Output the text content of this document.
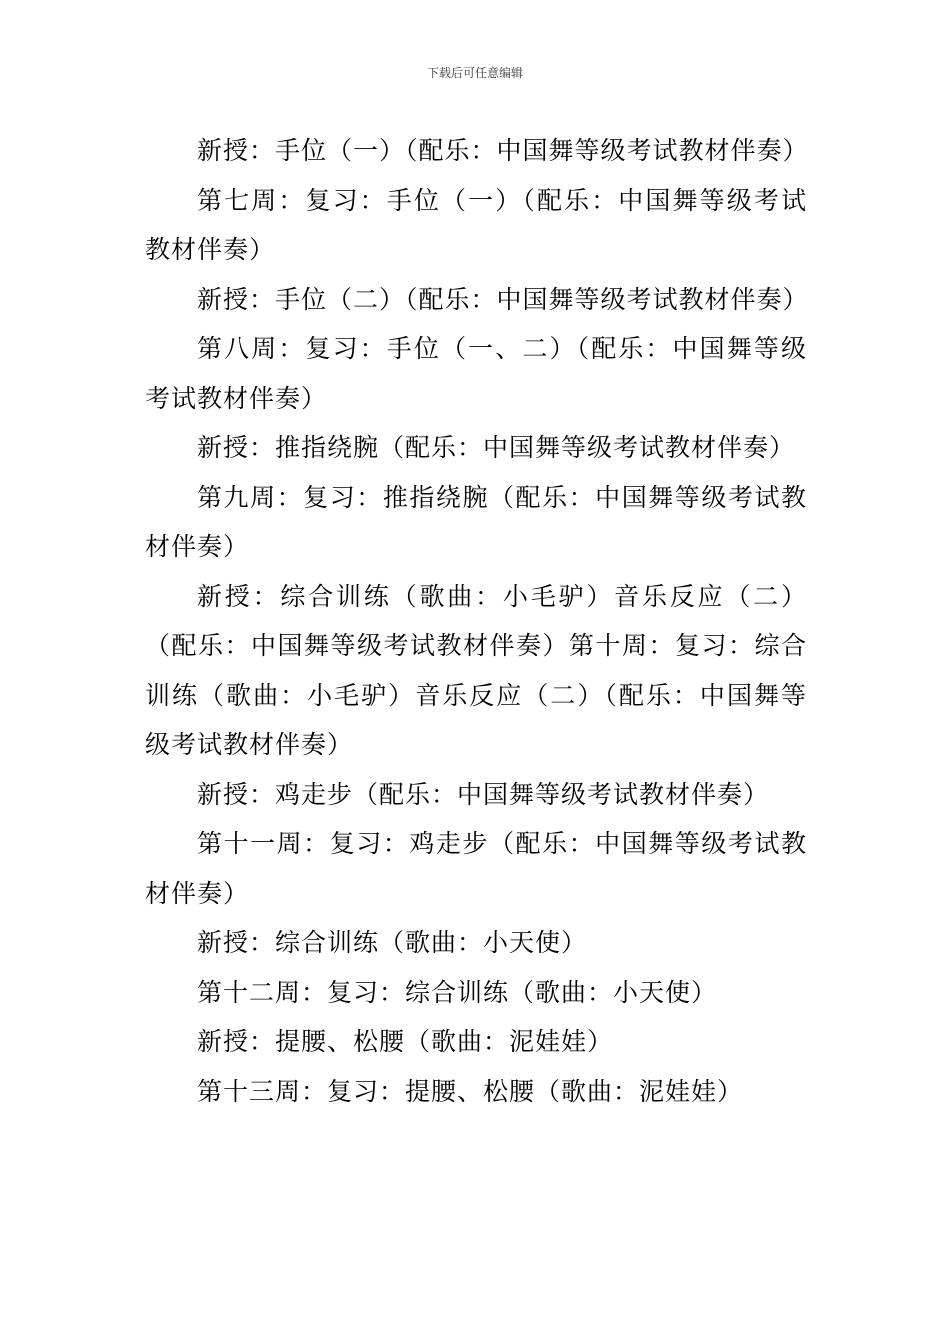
下载后可任意编辑

新授：手位（一）（配乐：中国舞等级考试教材伴奏）

第七周：复习：手位（一）（配乐：中国舞等级考试教材伴奏）

新授：手位（二）（配乐：中国舞等级考试教材伴奏）

第八周：复习：手位（一、二）（配乐：中国舞等级考试教材伴奏）

新授：推指绕腕（配乐：中国舞等级考试教材伴奏）

第九周：复习：推指绕腕（配乐：中国舞等级考试教材伴奏）

新授：综合训练（歌曲：小毛驴）音乐反应（二）（配乐：中国舞等级考试教材伴奏）第十周：复习：综合训练（歌曲：小毛驴）音乐反应（二）（配乐：中国舞等级考试教材伴奏）

新授：鸡走步（配乐：中国舞等级考试教材伴奏）

第十一周：复习：鸡走步（配乐：中国舞等级考试教材伴奏）

新授：综合训练（歌曲：小天使）

第十二周：复习：综合训练（歌曲：小天使）

新授：提腰、松腰（歌曲：泥娃娃）

第十三周：复习：提腰、松腰（歌曲：泥娃娃）
